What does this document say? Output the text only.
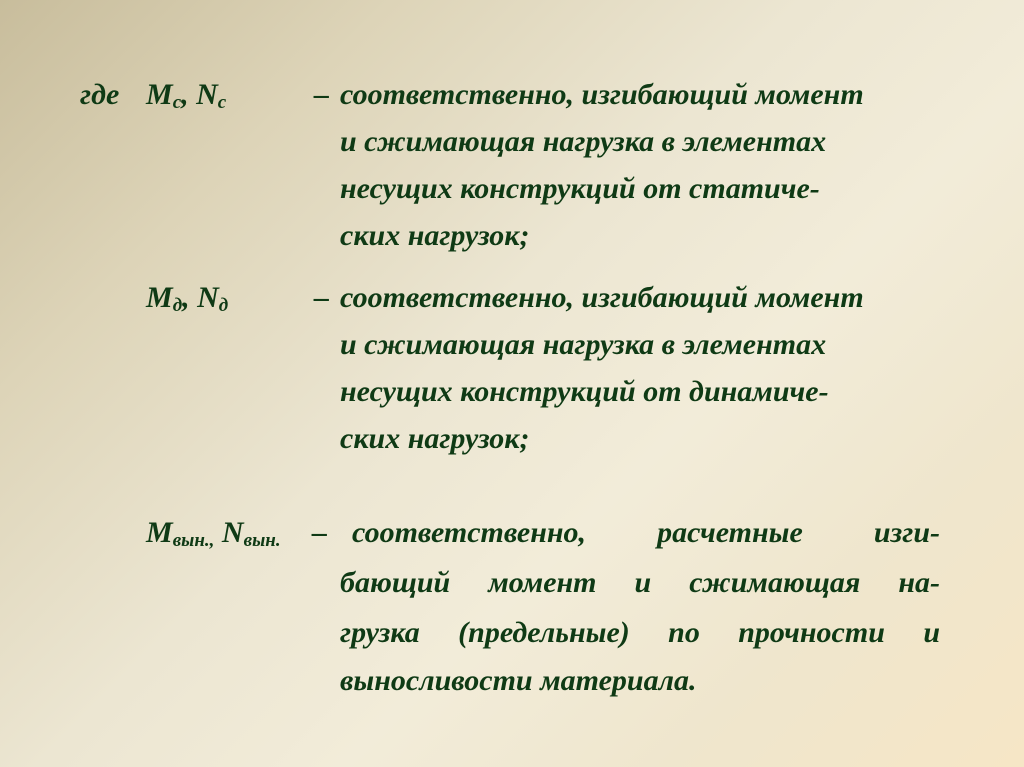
где Mc, Nc	– соответственно, изгибающий момент
и сжимающая нагрузка в элементах
несущих конструкций от статиче-
ских нагрузок;
Mд, Nд	– соответственно, изгибающий момент
и сжимающая нагрузка в элементах
несущих конструкций от динамиче-
ских нагрузок;
Mвын., Nвын. – соответственно, расчетные изги-
бающий момент и сжимающая на-
грузка (предельные) по прочности и
выносливости материала.
